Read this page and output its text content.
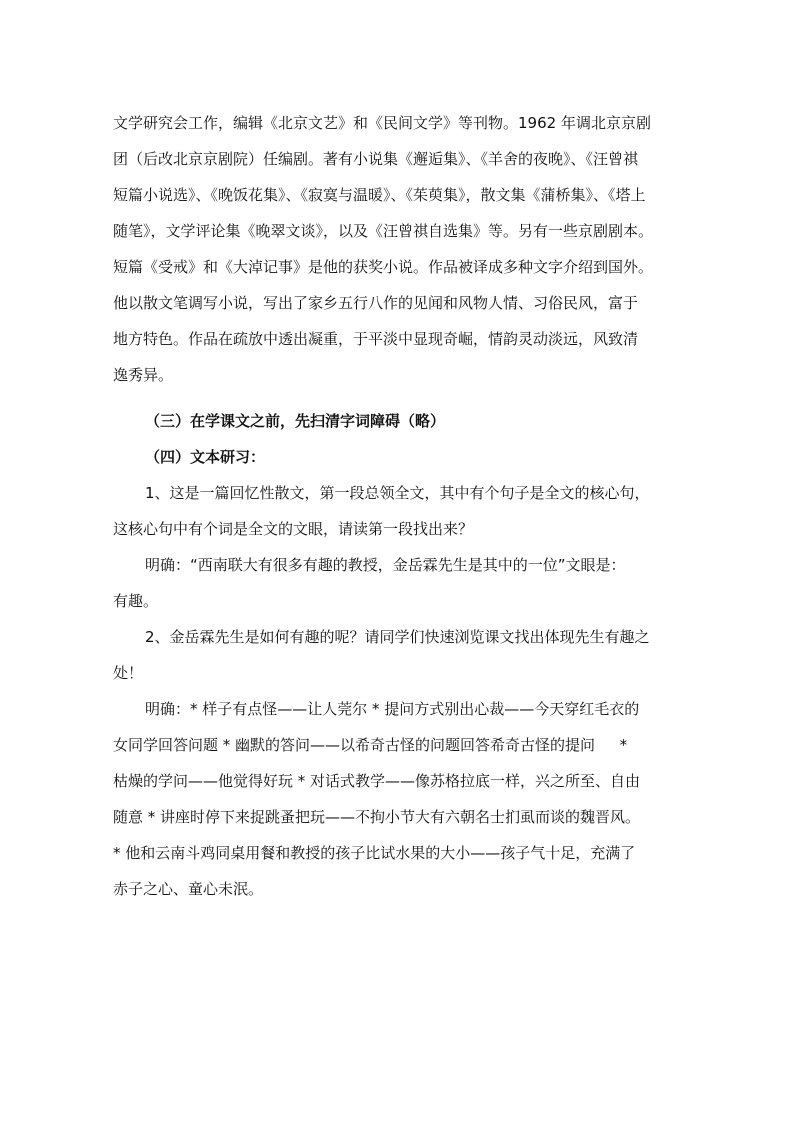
文学研究会工作，编辑《北京文艺》和《民间文学》等刊物。1962 年调北京京剧
团（后改北京京剧院）任编剧。著有小说集《邂逅集》、《羊舍的夜晚》、《汪曾祺
短篇小说选》、《晚饭花集》、《寂寞与温暖》、《茱萸集》，散文集《蒲桥集》、《塔上
随笔》，文学评论集《晚翠文谈》，以及《汪曾祺自选集》等。另有一些京剧剧本。
短篇《受戒》和《大淖记事》是他的获奖小说。作品被译成多种文字介绍到国外。
他以散文笔调写小说，写出了家乡五行八作的见闻和风物人情、习俗民风，富于
地方特色。作品在疏放中透出凝重，于平淡中显现奇崛，情韵灵动淡远，风致清
逸秀异。
（三）在学课文之前，先扫清字词障碍（略）
（四）文本研习：
1、这是一篇回忆性散文，第一段总领全文，其中有个句子是全文的核心句，
这核心句中有个词是全文的文眼，请读第一段找出来？
明确：“西南联大有很多有趣的教授，金岳霖先生是其中的一位”文眼是：
有趣。
2、金岳霖先生是如何有趣的呢？请同学们快速浏览课文找出体现先生有趣之
处！
明确：* 样子有点怪——让人莞尔 * 提问方式别出心裁——今天穿红毛衣的
女同学回答问题 * 幽默的答问——以希奇古怪的问题回答希奇古怪的提问 　 *
枯燥的学问——他觉得好玩 * 对话式教学——像苏格拉底一样，兴之所至、自由
随意 * 讲座时停下来捉跳蚤把玩——不拘小节大有六朝名士扪虱而谈的魏晋风。
* 他和云南斗鸡同桌用餐和教授的孩子比试水果的大小——孩子气十足，充满了
赤子之心、童心未泯。
